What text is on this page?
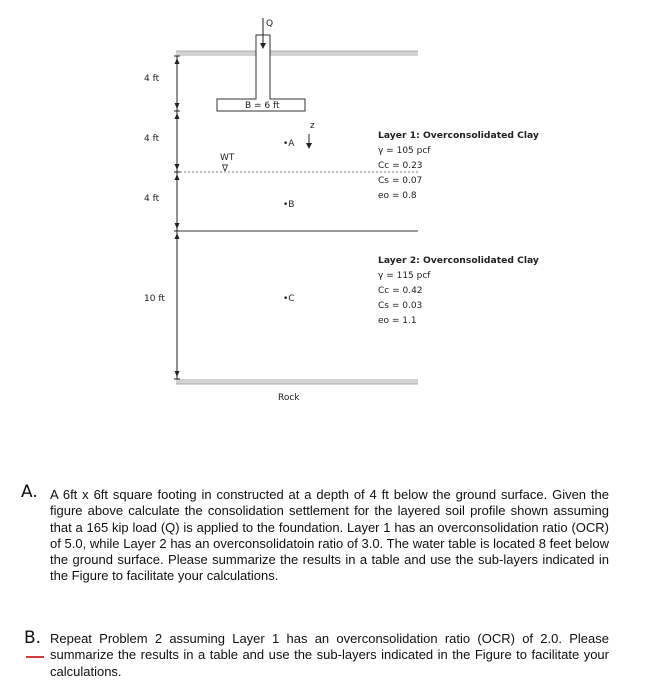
Q
B = 6 ft
z
WT
∇
Rock
4 ft
4 ft
4 ft
10 ft
•A
•B
•C
Layer 1: Overconsolidated Clay
γ = 105 pcf
Cc = 0.23
Cs = 0.07
eo = 0.8
Layer 2: Overconsolidated Clay
γ = 115 pcf
Cc = 0.42
Cs = 0.03
eo = 1.1
A. A 6ft x 6ft square footing in constructed at a depth of 4 ft below the ground surface. Given the figure above calculate the consolidation settlement for the layered soil profile shown assuming that a 165 kip load (Q) is applied to the foundation. Layer 1 has an overconsolidation ratio (OCR) of 5.0, while Layer 2 has an overconsolidatoin ratio of 3.0. The water table is located 8 feet below the ground surface. Please summarize the results in a table and use the sub-layers indicated in the Figure to facilitate your calculations.
B. Repeat Problem 2 assuming Layer 1 has an overconsolidation ratio (OCR) of 2.0. Please summarize the results in a table and use the sub-layers indicated in the Figure to facilitate your calculations.
